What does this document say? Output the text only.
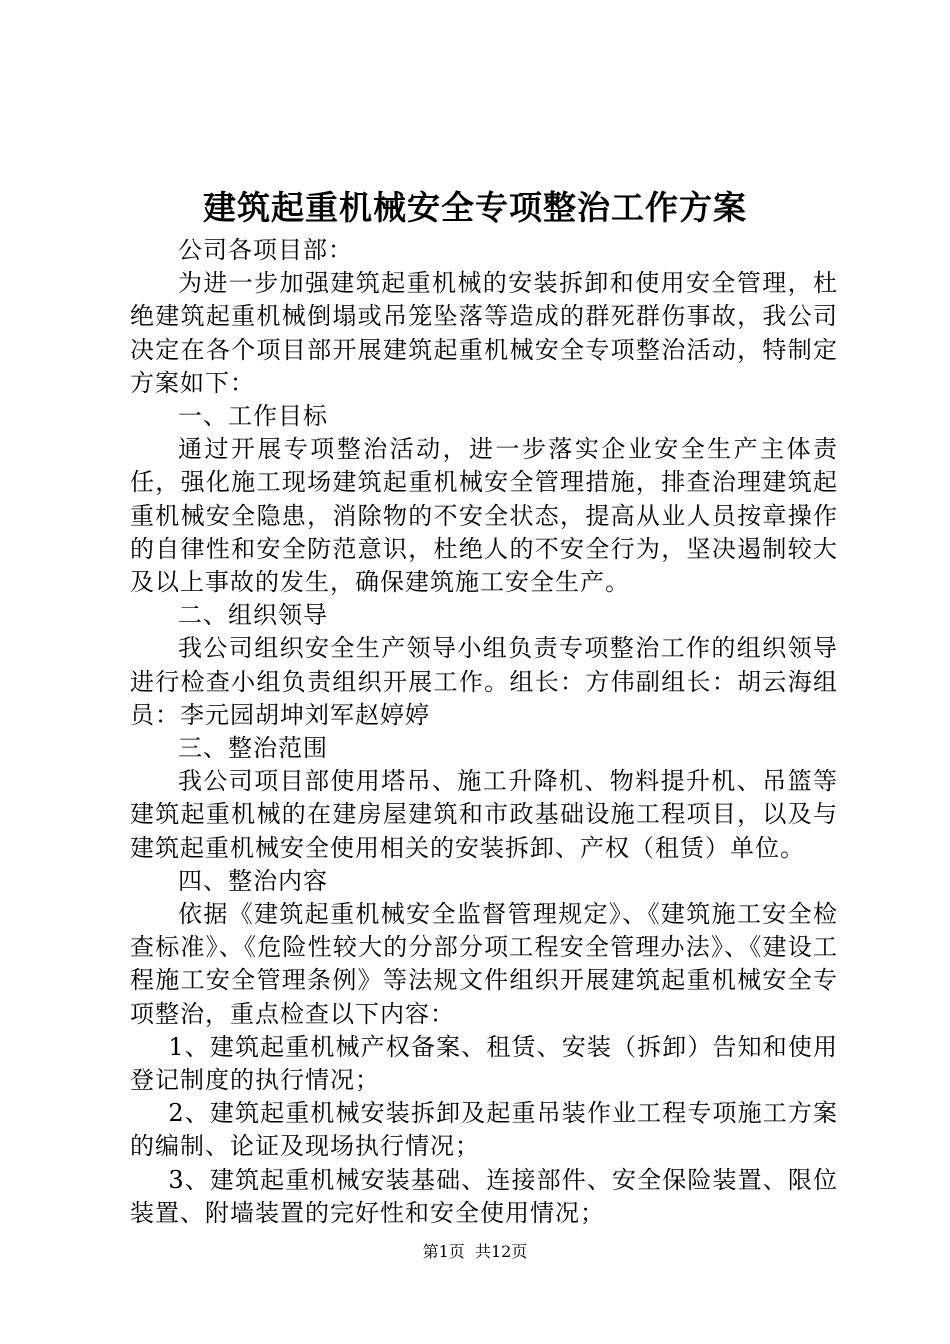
建筑起重机械安全专项整治工作方案

公司各项目部：

为进一步加强建筑起重机械的安装拆卸和使用安全管理，杜绝建筑起重机械倒塌或吊笼坠落等造成的群死群伤事故，我公司决定在各个项目部开展建筑起重机械安全专项整治活动，特制定方案如下：

一、工作目标

通过开展专项整治活动，进一步落实企业安全生产主体责任，强化施工现场建筑起重机械安全管理措施，排查治理建筑起重机械安全隐患，消除物的不安全状态，提高从业人员按章操作的自律性和安全防范意识，杜绝人的不安全行为，坚决遏制较大及以上事故的发生，确保建筑施工安全生产。

二、组织领导

我公司组织安全生产领导小组负责专项整治工作的组织领导进行检查小组负责组织开展工作。组长：方伟副组长：胡云海组员：李元园胡坤刘军赵婷婷

三、整治范围

我公司项目部使用塔吊、施工升降机、物料提升机、吊篮等建筑起重机械的在建房屋建筑和市政基础设施工程项目，以及与建筑起重机械安全使用相关的安装拆卸、产权（租赁）单位。

四、整治内容

依据《建筑起重机械安全监督管理规定》、《建筑施工安全检查标准》、《危险性较大的分部分项工程安全管理办法》、《建设工程施工安全管理条例》等法规文件组织开展建筑起重机械安全专项整治，重点检查以下内容：

1、建筑起重机械产权备案、租赁、安装（拆卸）告知和使用登记制度的执行情况；

2、建筑起重机械安装拆卸及起重吊装作业工程专项施工方案的编制、论证及现场执行情况；

3、建筑起重机械安装基础、连接部件、安全保险装置、限位装置、附墙装置的完好性和安全使用情况；

第1页 共12页
